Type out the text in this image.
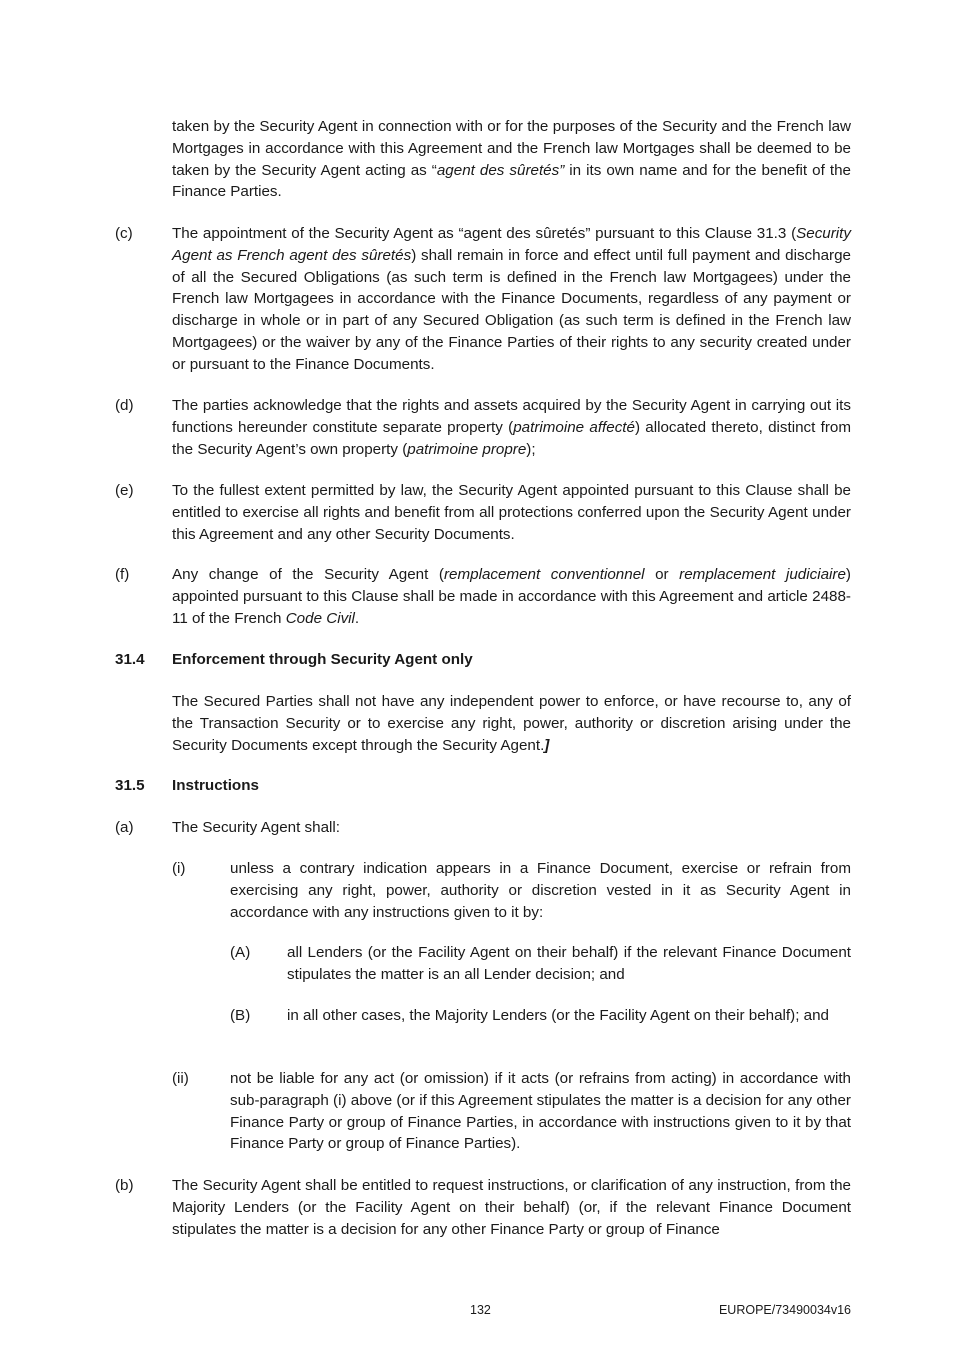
taken by the Security Agent in connection with or for the purposes of the Security and the French law Mortgages in accordance with this Agreement and the French law Mortgages shall be deemed to be taken by the Security Agent acting as “agent des sûretés” in its own name and for the benefit of the Finance Parties.

(c)	The appointment of the Security Agent as “agent des sûretés” pursuant to this Clause 31.3 (Security Agent as French agent des sûretés) shall remain in force and effect until full payment and discharge of all the Secured Obligations (as such term is defined in the French law Mortgagees) under the French law Mortgagees in accordance with the Finance Documents, regardless of any payment or discharge in whole or in part of any Secured Obligation (as such term is defined in the French law Mortgagees) or the waiver by any of the Finance Parties of their rights to any security created under or pursuant to the Finance Documents.

(d)	The parties acknowledge that the rights and assets acquired by the Security Agent in carrying out its functions hereunder constitute separate property (patrimoine affecté) allocated thereto, distinct from the Security Agent’s own property (patrimoine propre);

(e)	To the fullest extent permitted by law, the Security Agent appointed pursuant to this Clause shall be entitled to exercise all rights and benefit from all protections conferred upon the Security Agent under this Agreement and any other Security Documents.

(f)	Any change of the Security Agent (remplacement conventionnel or remplacement judiciaire) appointed pursuant to this Clause shall be made in accordance with this Agreement and article 2488-11 of the French Code Civil.

31.4 Enforcement through Security Agent only

The Secured Parties shall not have any independent power to enforce, or have recourse to, any of the Transaction Security or to exercise any right, power, authority or discretion arising under the Security Documents except through the Security Agent.]

31.5 Instructions

(a)	The Security Agent shall:

(i)	unless a contrary indication appears in a Finance Document, exercise or refrain from exercising any right, power, authority or discretion vested in it as Security Agent in accordance with any instructions given to it by:

(A) all Lenders (or the Facility Agent on their behalf) if the relevant Finance Document stipulates the matter is an all Lender decision; and

(B) in all other cases, the Majority Lenders (or the Facility Agent on their behalf); and

(ii)	not be liable for any act (or omission) if it acts (or refrains from acting) in accordance with sub-paragraph (i) above (or if this Agreement stipulates the matter is a decision for any other Finance Party or group of Finance Parties, in accordance with instructions given to it by that Finance Party or group of Finance Parties).

(b)	The Security Agent shall be entitled to request instructions, or clarification of any instruction, from the Majority Lenders (or the Facility Agent on their behalf) (or, if the relevant Finance Document stipulates the matter is a decision for any other Finance Party or group of Finance

132	EUROPE/73490034v16
